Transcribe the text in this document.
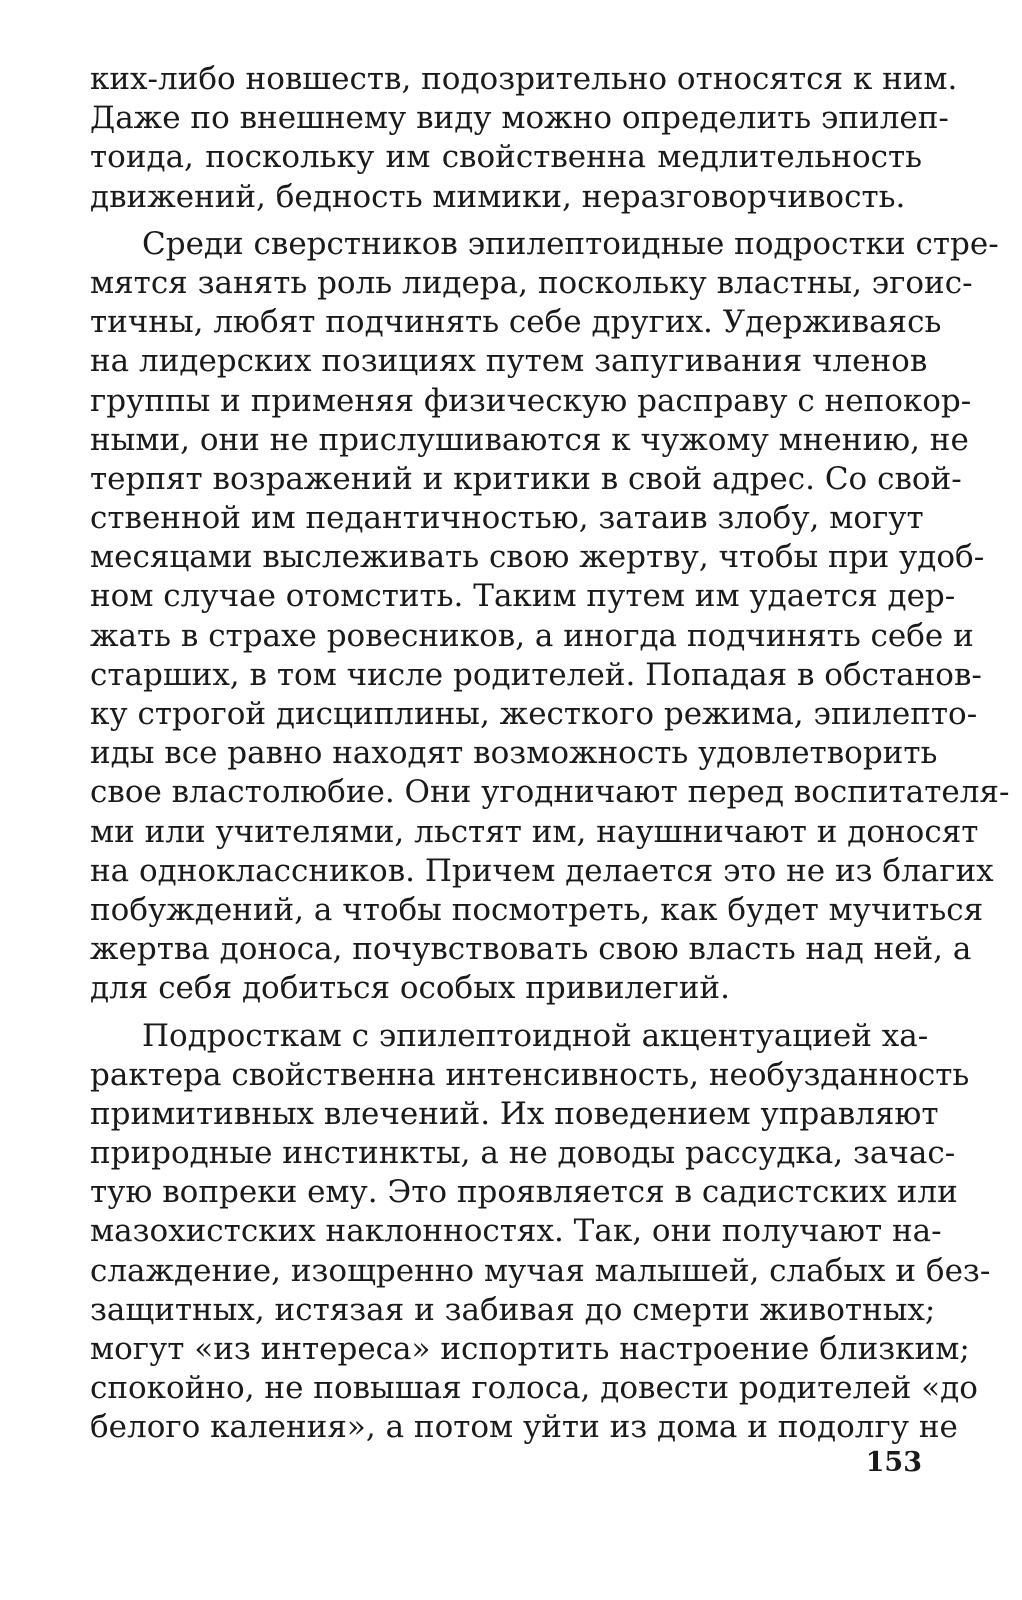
ких-либо новшеств, подозрительно относятся к ним.
Даже по внешнему виду можно определить эпилеп-
тоида, поскольку им свойственна медлительность
движений, бедность мимики, неразговорчивость.
Среди сверстников эпилептоидные подростки стре-
мятся занять роль лидера, поскольку властны, эгоис-
тичны, любят подчинять себе других. Удерживаясь
на лидерских позициях путем запугивания членов
группы и применяя физическую расправу с непокор-
ными, они не прислушиваются к чужому мнению, не
терпят возражений и критики в свой адрес. Со свой-
ственной им педантичностью, затаив злобу, могут
месяцами выслеживать свою жертву, чтобы при удоб-
ном случае отомстить. Таким путем им удается дер-
жать в страхе ровесников, а иногда подчинять себе и
старших, в том числе родителей. Попадая в обстанов-
ку строгой дисциплины, жесткого режима, эпилепто-
иды все равно находят возможность удовлетворить
свое властолюбие. Они угодничают перед воспитателя-
ми или учителями, льстят им, наушничают и доносят
на одноклассников. Причем делается это не из благих
побуждений, а чтобы посмотреть, как будет мучиться
жертва доноса, почувствовать свою власть над ней, а
для себя добиться особых привилегий.
Подросткам с эпилептоидной акцентуацией ха-
рактера свойственна интенсивность, необузданность
примитивных влечений. Их поведением управляют
природные инстинкты, а не доводы рассудка, зачас-
тую вопреки ему. Это проявляется в садистских или
мазохистских наклонностях. Так, они получают на-
слаждение, изощренно мучая малышей, слабых и без-
защитных, истязая и забивая до смерти животных;
могут «из интереса» испортить настроение близким;
спокойно, не повышая голоса, довести родителей «до
белого каления», а потом уйти из дома и подолгу не
153
